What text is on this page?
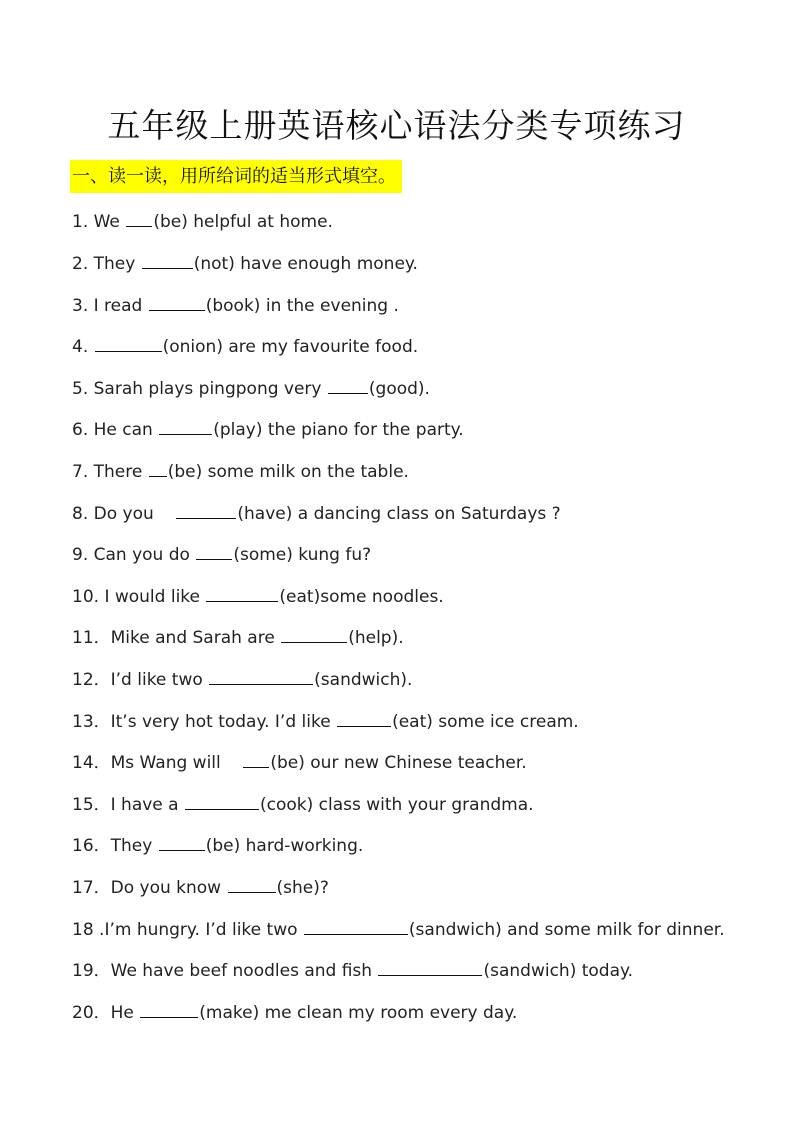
五年级上册英语核心语法分类专项练习
一、读一读，用所给词的适当形式填空。
1. We (be) helpful at home.
2. They	(not) have enough money.
3. I read	(book) in the evening .
4.	(onion) are my favourite food.
5. Sarah plays pingpong very (good).
6. He can	(play) the piano for the party.
7. There (be) some milk on the table.
8. Do you	(have) a dancing class on Saturdays ?
9. Can you do (some) kung fu?
10. I would like	(eat)some noodles.
11．Mike and Sarah are	(help).
12．I’d like two	(sandwich).
13．It’s very hot today. I’d like	(eat) some ice cream.
14．Ms Wang will    (be) our new Chinese teacher.
15．I have a	(cook) class with your grandma.
16．They	(be) hard-working.
17．Do you know	(she)?
18 .I’m hungry. I’d like two	(sandwich) and some milk for dinner.
19．We have beef noodles and fish	(sandwich) today.
20．He	(make) me clean my room every day.
